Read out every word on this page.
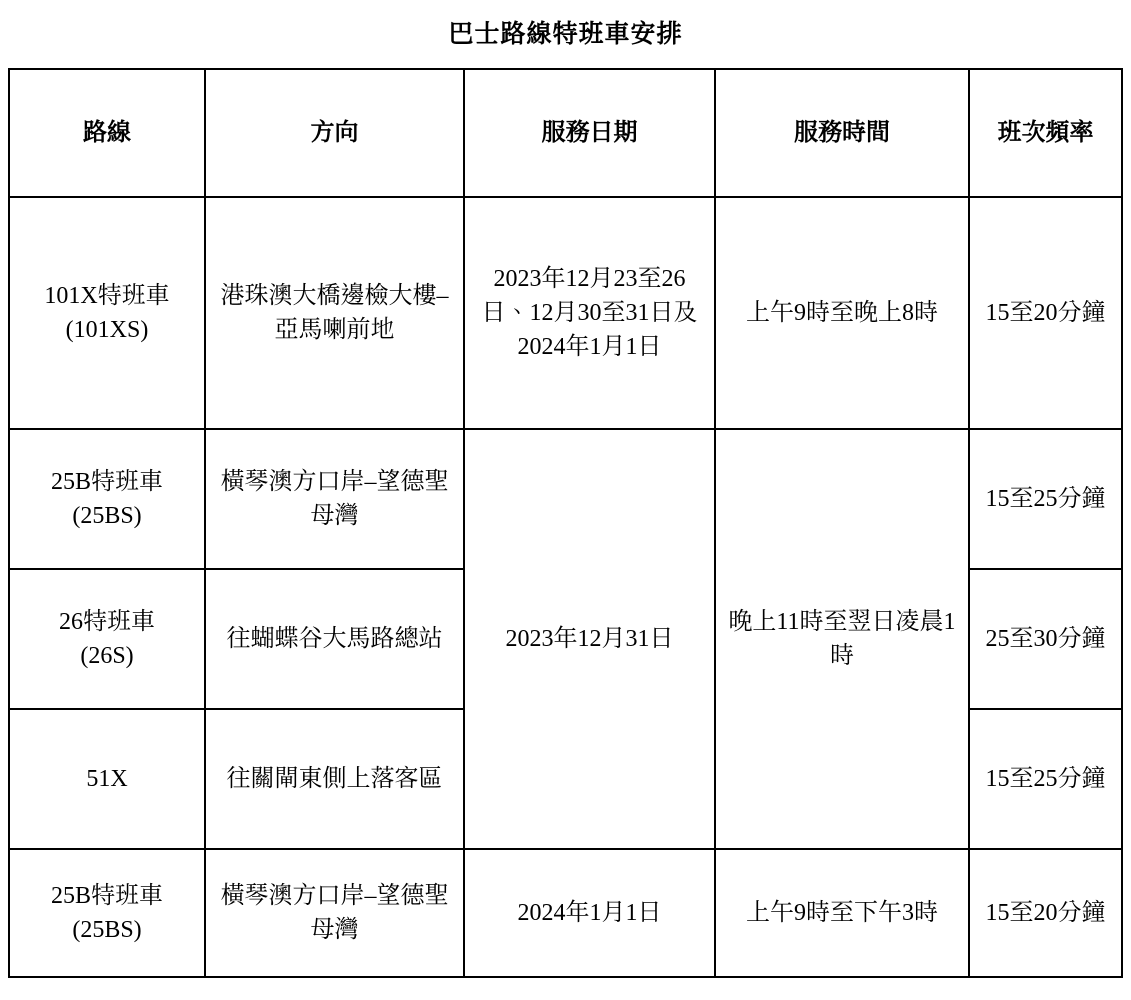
巴士路線特班車安排
路線	方向	服務日期	服務時間	班次頻率

101X特班車
(101XS)	港珠澳大橋邊檢大樓–亞馬喇前地	2023年12月23至26日、12月30至31日及2024年1月1日	上午9時至晚上8時	15至20分鐘

25B特班車
(25BS)	橫琴澳方口岸–望德聖母灣	2023年12月31日	晚上11時至翌日凌晨1時	15至25分鐘

26特班車
(26S)	往蝴蝶谷大馬路總站			25至30分鐘
51X	往關閘東側上落客區			15至25分鐘

25B特班車
(25BS)	橫琴澳方口岸–望德聖母灣	2024年1月1日	上午9時至下午3時	15至20分鐘
